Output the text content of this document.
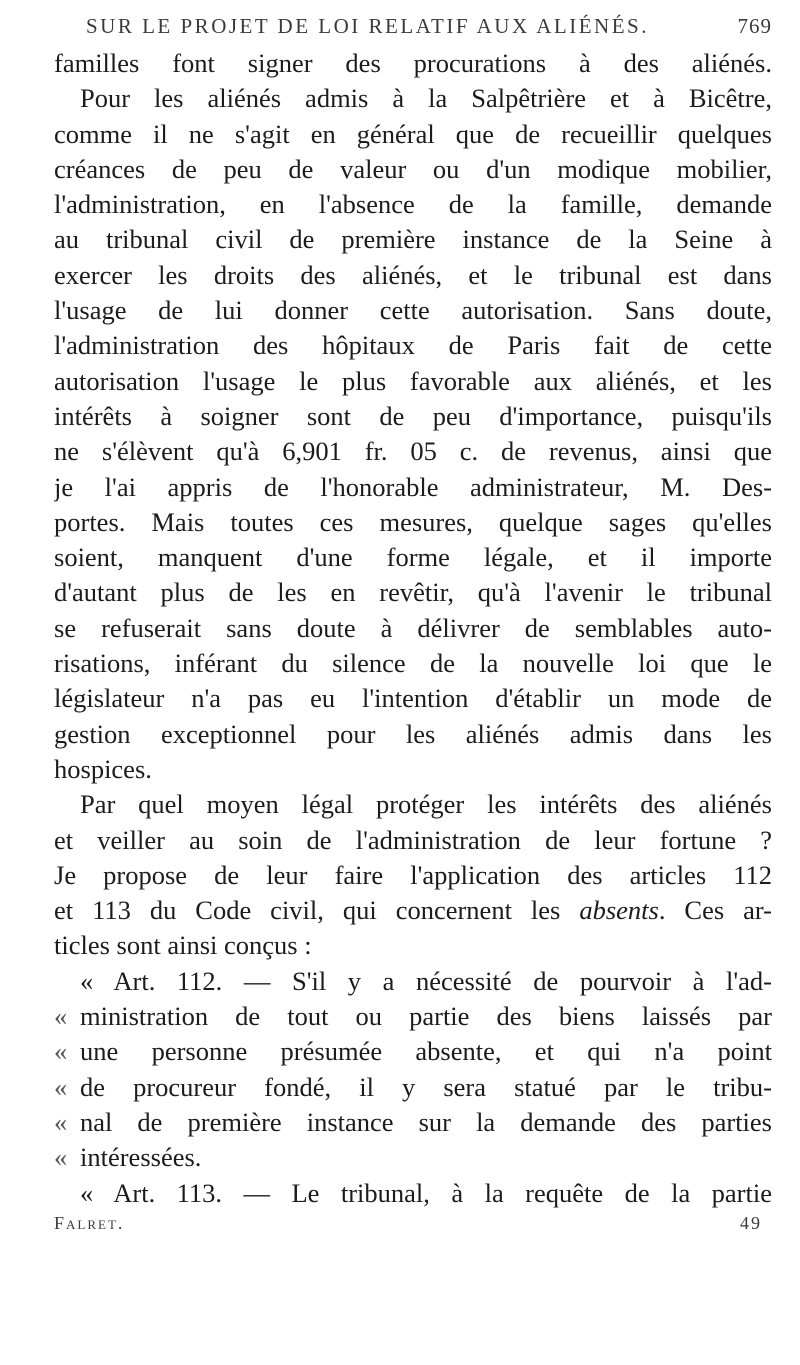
SUR LE PROJET DE LOI RELATIF AUX ALIÉNÉS.	769
familles font signer des procurations à des aliénés.
Pour les aliénés admis à la Salpêtrière et à Bicêtre,
comme il ne s'agit en général que de recueillir quelques
créances de peu de valeur ou d'un modique mobilier,
l'administration, en l'absence de la famille, demande
au tribunal civil de première instance de la Seine à
exercer les droits des aliénés, et le tribunal est dans
l'usage de lui donner cette autorisation. Sans doute,
l'administration des hôpitaux de Paris fait de cette
autorisation l'usage le plus favorable aux aliénés, et les
intérêts à soigner sont de peu d'importance, puisqu'ils
ne s'élèvent qu'à 6,901 fr. 05 c. de revenus, ainsi que
je l'ai appris de l'honorable administrateur, M. Des-
portes. Mais toutes ces mesures, quelque sages qu'elles
soient, manquent d'une forme légale, et il importe
d'autant plus de les en revêtir, qu'à l'avenir le tribunal
se refuserait sans doute à délivrer de semblables auto-
risations, inférant du silence de la nouvelle loi que le
législateur n'a pas eu l'intention d'établir un mode de
gestion exceptionnel pour les aliénés admis dans les
hospices.
Par quel moyen légal protéger les intérêts des aliénés
et veiller au soin de l'administration de leur fortune ?
Je propose de leur faire l'application des articles 112
et 113 du Code civil, qui concernent les absents. Ces ar-
ticles sont ainsi conçus :
« Art. 112. — S'il y a nécessité de pourvoir à l'ad-
« ministration de tout ou partie des biens laissés par
« une personne présumée absente, et qui n'a point
« de procureur fondé, il y sera statué par le tribu-
« nal de première instance sur la demande des parties
« intéressées.
« Art. 113. — Le tribunal, à la requête de la partie
Falret.	49
